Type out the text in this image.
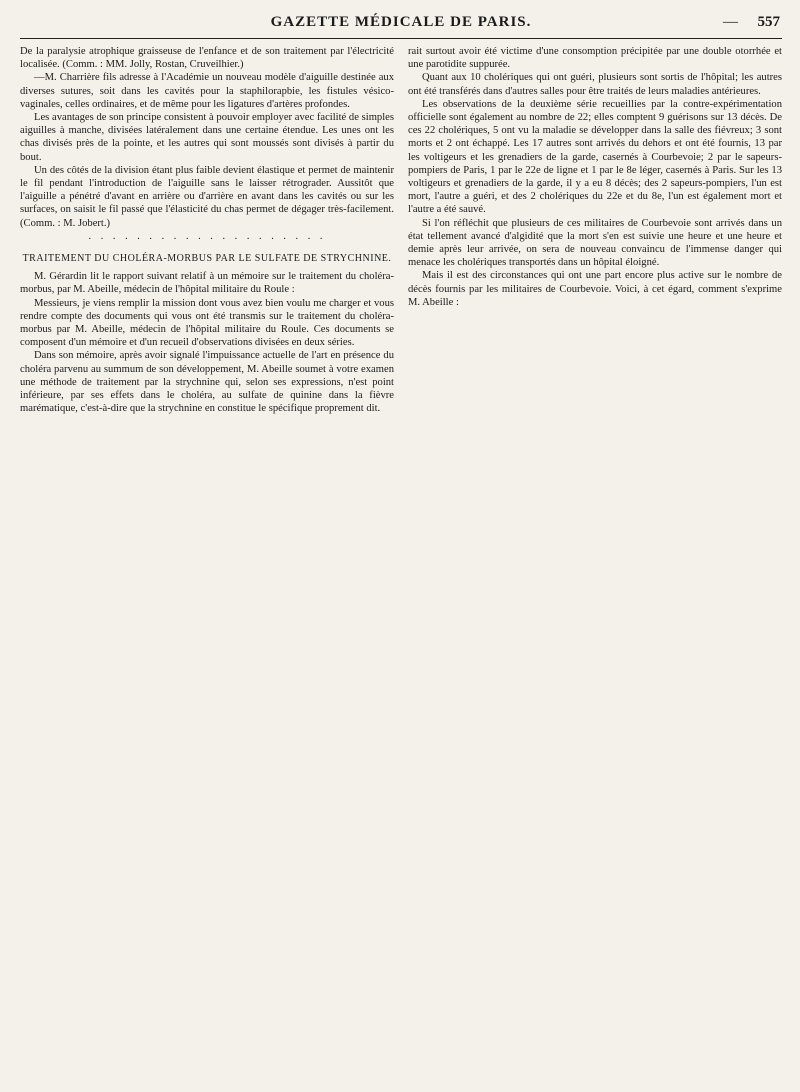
GAZETTE MÉDICALE DE PARIS.	— 557

De la paralysie atrophique graisseuse de l'enfance et de son traitement par l'électricité localisée. (Comm. : MM. Jolly, Rostan, Cruveilhier.)

—M. Charrière fils adresse à l'Académie un nouveau modèle d'aiguille destinée aux diverses sutures, soit dans les cavités pour la staphilorapbie, les fistules vésico-vaginales, celles ordinaires, et de même pour les ligatures d'artères profondes.

Les avantages de son principe consistent à pouvoir employer avec facilité de simples aiguilles à manche, divisées latéralement dans une certaine étendue. Les unes ont les chas divisés près de la pointe, et les autres qui sont moussés sont divisés à partir du bout.

Un des côtés de la division étant plus faible devient élastique et permet de maintenir le fil pendant l'introduction de l'aiguille sans le laisser rétrograder. Aussitôt que l'aiguille a pénétré d'avant en arrière ou d'arrière en avant dans les cavités ou sur les surfaces, on saisit le fil passé que l'élasticité du chas permet de dégager très-facilement. (Comm. : M. Jobert.)

· · · · · · · · · · · · · · · · · · · ·
TRAITEMENT DU CHOLÉRA-MORBUS PAR LE SULFATE DE STRYCHNINE.

M. Gérardin lit le rapport suivant relatif à un mémoire sur le traitement du choléra-morbus, par M. Abeille, médecin de l'hôpital militaire du Roule :

Messieurs, je viens remplir la mission dont vous avez bien voulu me charger et vous rendre compte des documents qui vous ont été transmis sur le traitement du choléra-morbus par M. Abeille, médecin de l'hôpital militaire du Roule. Ces documents se composent d'un mémoire et d'un recueil d'observations divisées en deux séries.

Dans son mémoire, après avoir signalé l'impuissance actuelle de l'art en présence du choléra parvenu au summum de son développement, M. Abeille soumet à votre examen une méthode de traitement par la strychnine qui, selon ses expressions, n'est point inférieure, par ses effets dans le choléra, au sulfate de quinine dans la fièvre marématique, c'est-à-dire que la strychnine en constitue le spécifique proprement dit.

rait surtout avoir été victime d'une consomption précipitée par une double otorrhée et une parotidite suppurée.

Quant aux 10 cholériques qui ont guéri, plusieurs sont sortis de l'hôpital; les autres ont été transférés dans d'autres salles pour être traités de leurs maladies antérieures.

Les observations de la deuxième série recueillies par la contre-expérimentation officielle sont également au nombre de 22; elles comptent 9 guérisons sur 13 décès. De ces 22 cholériques, 5 ont vu la maladie se développer dans la salle des fiévreux; 3 sont morts et 2 ont échappé. Les 17 autres sont arrivés du dehors et ont été fournis, 13 par les voltigeurs et les grenadiers de la garde, casernés à Courbevoie; 2 par le sapeurs-pompiers de Paris, 1 par le 22e de ligne et 1 par le 8e léger, casernés à Paris. Sur les 13 voltigeurs et grenadiers de la garde, il y a eu 8 décès; des 2 sapeurs-pompiers, l'un est mort, l'autre a guéri, et des 2 cholériques du 22e et du 8e, l'un est également mort et l'autre a été sauvé.

Si l'on réfléchit que plusieurs de ces militaires de Courbevoie sont arrivés dans un état tellement avancé d'algidité que la mort s'en est suivie une heure et une heure et demie après leur arrivée, on sera de nouveau convaincu de l'immense danger qui menace les cholériques transportés dans un hôpital éloigné.

Mais il est des circonstances qui ont une part encore plus active sur le nombre de décès fournis par les militaires de Courbevoie. Voici, à cet égard, comment s'exprime M. Abeille :
